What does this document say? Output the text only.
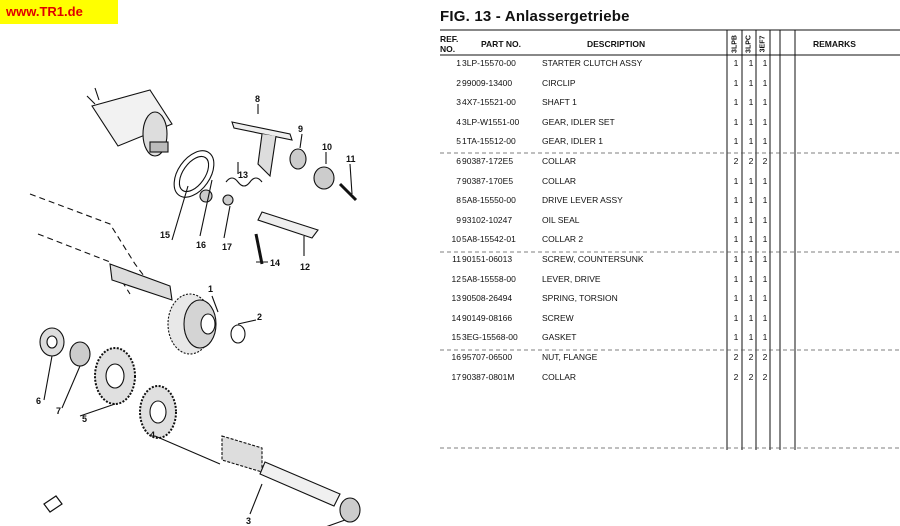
www.TR1.de
1
2
3
4
5
6
7
8
9
10
11
12
13
14
15
16 17
FIG. 13 - Anlassergetriebe
REF. NO.	PART NO.	DESCRIPTION	3LPB 3LPC 3EF7	REMARKS
1 3LP-15570-00	STARTER CLUTCH ASSY	1 1 1
2 99009-13400	CIRCLIP	1 1 1
3 4X7-15521-00	SHAFT 1	1 1 1
4 3LP-W1551-00	GEAR, IDLER SET	1 1 1
5 1TA-15512-00	GEAR, IDLER 1	1 1 1
6 90387-172E5	COLLAR	2 2 2
7 90387-170E5	COLLAR	1 1 1
8 5A8-15550-00	DRIVE LEVER ASSY	1 1 1
9 93102-10247	OIL SEAL	1 1 1
10 5A8-15542-01	COLLAR 2	1 1 1
11 90151-06013	SCREW, COUNTERSUNK	1 1 1
12 5A8-15558-00	LEVER, DRIVE	1 1 1
13 90508-26494	SPRING, TORSION	1 1 1
14 90149-08166	SCREW	1 1 1
15 3EG-15568-00	GASKET	1 1 1
16 95707-06500	NUT, FLANGE	2 2 2
17 90387-0801M	COLLAR	2 2 2
